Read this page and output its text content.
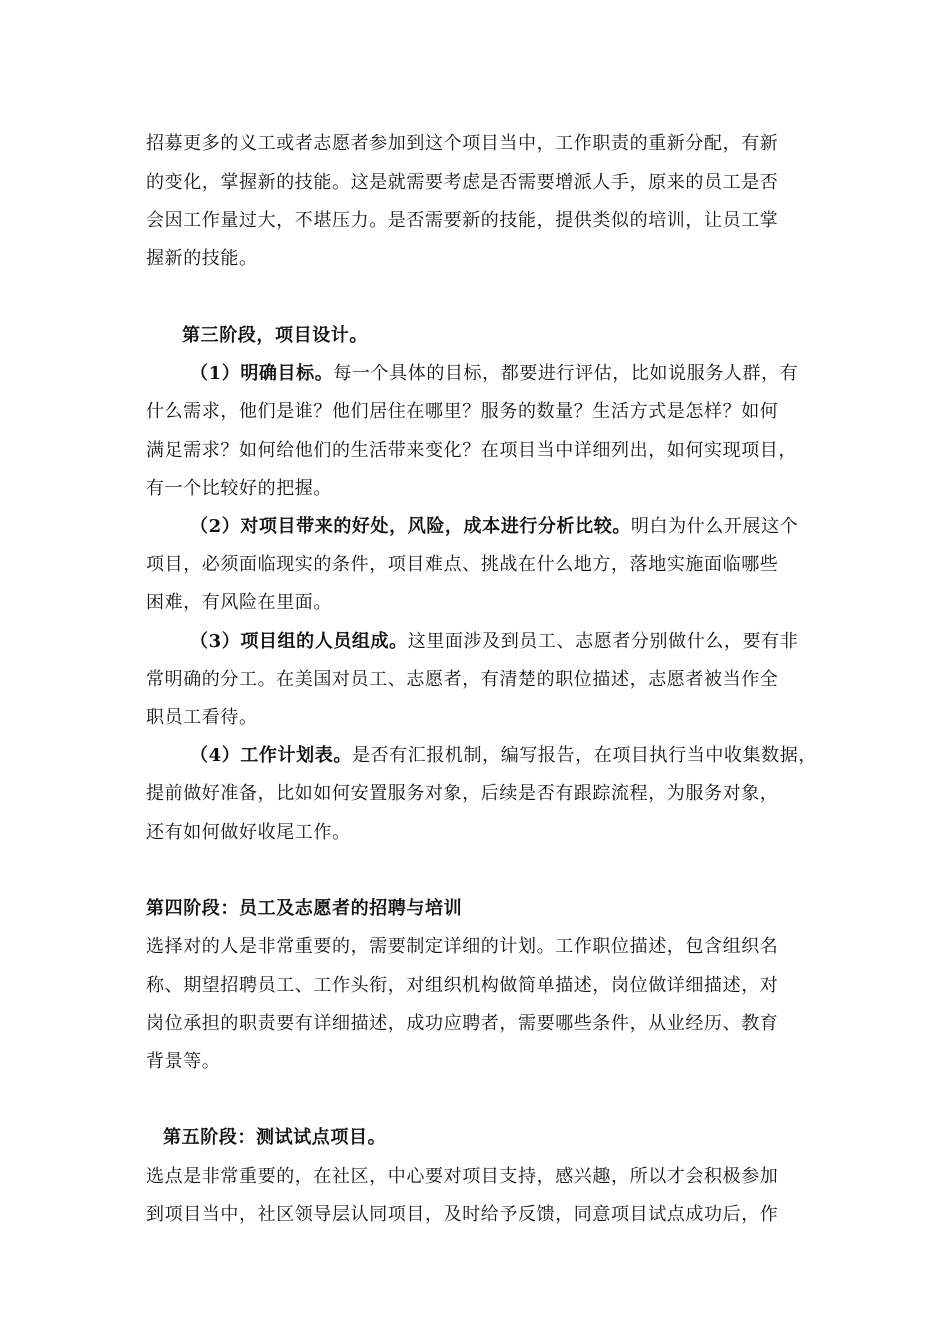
招募更多的义工或者志愿者参加到这个项目当中，工作职责的重新分配，有新
的变化，掌握新的技能。这是就需要考虑是否需要增派人手，原来的员工是否
会因工作量过大，不堪压力。是否需要新的技能，提供类似的培训，让员工掌
握新的技能。
第三阶段，项目设计。
（1）明确目标。每一个具体的目标，都要进行评估，比如说服务人群，有
什么需求，他们是谁？他们居住在哪里？服务的数量？生活方式是怎样？如何
满足需求？如何给他们的生活带来变化？在项目当中详细列出，如何实现项目，
有一个比较好的把握。
（2）对项目带来的好处，风险，成本进行分析比较。明白为什么开展这个
项目，必须面临现实的条件，项目难点、挑战在什么地方，落地实施面临哪些
困难，有风险在里面。
（3）项目组的人员组成。这里面涉及到员工、志愿者分别做什么，要有非
常明确的分工。在美国对员工、志愿者，有清楚的职位描述，志愿者被当作全
职员工看待。
（4）工作计划表。是否有汇报机制，编写报告，在项目执行当中收集数据，
提前做好准备，比如如何安置服务对象，后续是否有跟踪流程，为服务对象，
还有如何做好收尾工作。
第四阶段：员工及志愿者的招聘与培训
选择对的人是非常重要的，需要制定详细的计划。工作职位描述，包含组织名
称、期望招聘员工、工作头衔，对组织机构做简单描述，岗位做详细描述，对
岗位承担的职责要有详细描述，成功应聘者，需要哪些条件，从业经历、教育
背景等。
第五阶段：测试试点项目。
选点是非常重要的，在社区，中心要对项目支持，感兴趣，所以才会积极参加
到项目当中，社区领导层认同项目，及时给予反馈，同意项目试点成功后，作
